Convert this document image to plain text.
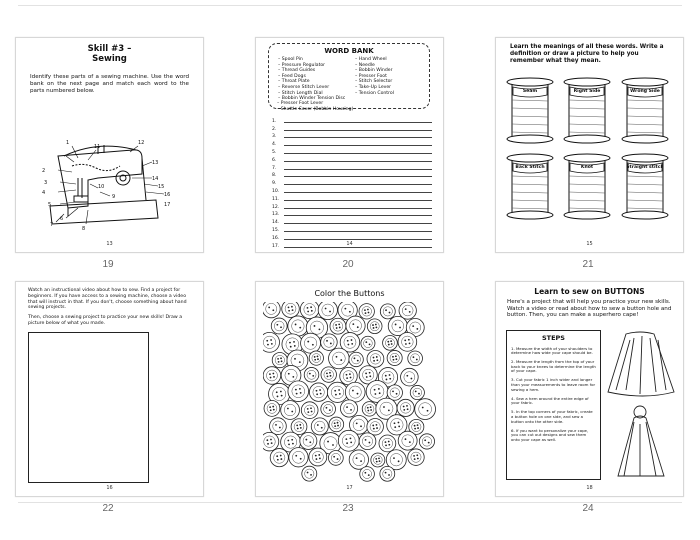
Skill #3 –
Sewing
Identify these parts of a sewing machine. Use the word bank on the next page and match each word to the parts numbered below.
2
3
4
5
6
7
8
9
10
11
1	12
13
14
15
16
17
13
19
WORD BANK
– Spool Pin
– Pressure Regulator
– Thread Guides
– Feed Dogs
– Throat Plate
– Reverse Stitch Lever
– Stitch Length Dial
– Hand Wheel
– Needle
– Bobbin Winder
– Presser Foot
– Stitch Selector
– Take-Up Lever
– Tension Control
– Bobbin Winder Tension Disc
– Presser Foot Lever
– Shuttle Cover (Bobbin Housing)
1.
2.
3.
4.
5.
6.
7.
8.
9.
10.
11.
12.
13.
14.
15.
16.
17.	14
20
Learn the meanings of all these words. Write a definition or draw a picture to help you remember what they mean.
Seam	Right Side	Wrong Side
Back Stitch	Knot	Straight stitch
15
21
Watch an instructional video about how to sew. Find a project for beginners. If you have access to a sewing machine, choose a video that will instruct in that. If you don't, choose something about hand sewing projects.
Then, choose a sewing project to practice your new skills! Draw a picture below of what you made.
16
22
Color the Buttons
17
23
Learn to sew on BUTTONS
Here's a project that will help you practice your new skills. Watch a video or read about how to sew a button hole and button. Then, you can make a superhero cape!
STEPS
1. Measure the width of your shoulders to determine how wide your cape should be.
2. Measure the length from the top of your back to your knees to determine the length of your cape.
3. Cut your fabric 1 inch wider and longer than your measurements to leave room for sewing a hem.
4. Sew a hem around the entire edge of your fabric.
5. In the top corners of your fabric, create a button hole on one side, and sew a button onto the other side.
6. If you want to personalize your cape, you can cut out designs and sew them onto your cape as well.
18
24
